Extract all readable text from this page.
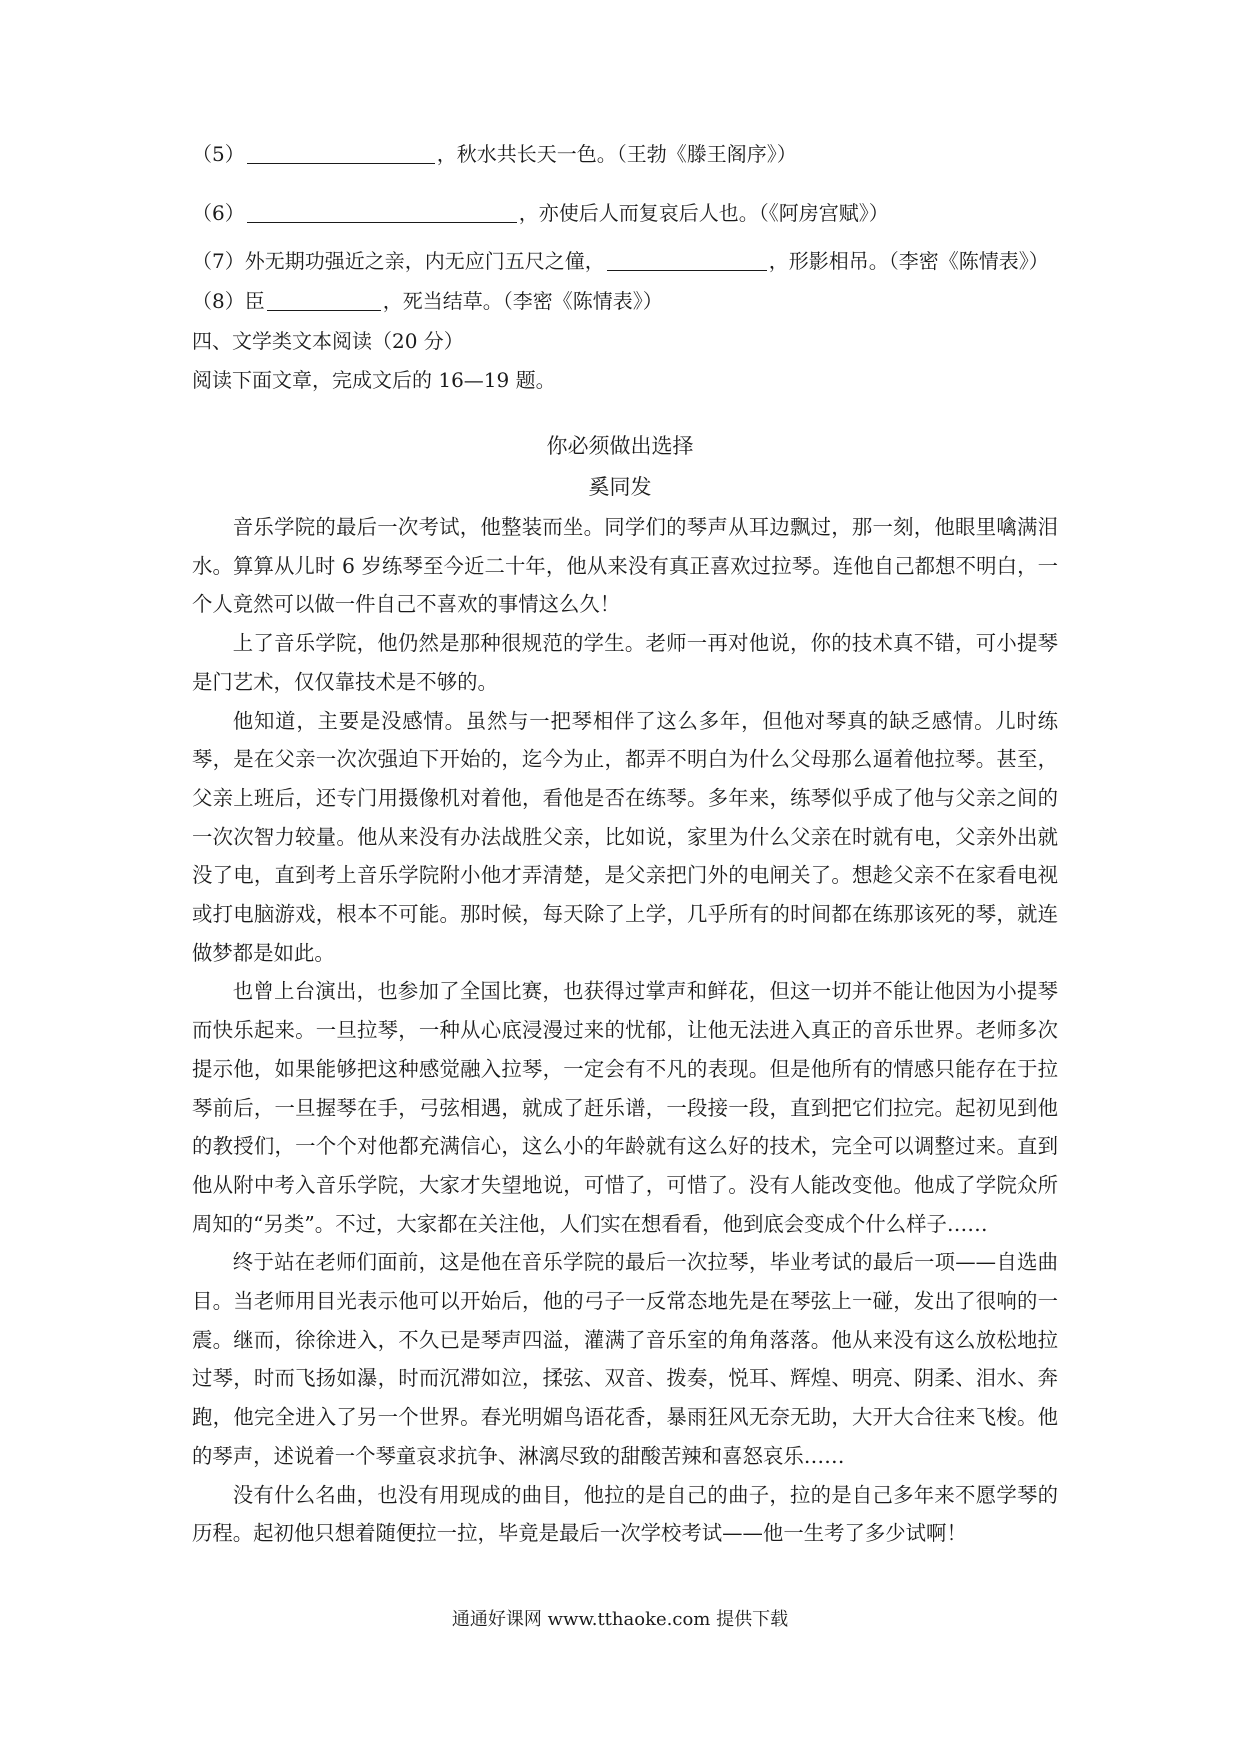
（5）	，秋水共长天一色。（王勃《滕王阁序》）
（6）	，亦使后人而复哀后人也。（《阿房宫赋》）
（7）外无期功强近之亲，内无应门五尺之僮，	，形影相吊。（李密《陈情表》）
（8）臣	，死当结草。（李密《陈情表》）
四、文学类文本阅读（20 分）
阅读下面文章，完成文后的 16—19 题。
你必须做出选择
奚同发

音乐学院的最后一次考试，他整装而坐。同学们的琴声从耳边飘过，那一刻，他眼里噙满泪水。算算从儿时 6 岁练琴至今近二十年，他从来没有真正喜欢过拉琴。连他自己都想不明白，一个人竟然可以做一件自己不喜欢的事情这么久！

上了音乐学院，他仍然是那种很规范的学生。老师一再对他说，你的技术真不错，可小提琴是门艺术，仅仅靠技术是不够的。

他知道，主要是没感情。虽然与一把琴相伴了这么多年，但他对琴真的缺乏感情。儿时练琴，是在父亲一次次强迫下开始的，迄今为止，都弄不明白为什么父母那么逼着他拉琴。甚至，父亲上班后，还专门用摄像机对着他，看他是否在练琴。多年来，练琴似乎成了他与父亲之间的一次次智力较量。他从来没有办法战胜父亲，比如说，家里为什么父亲在时就有电，父亲外出就没了电，直到考上音乐学院附小他才弄清楚，是父亲把门外的电闸关了。想趁父亲不在家看电视或打电脑游戏，根本不可能。那时候，每天除了上学，几乎所有的时间都在练那该死的琴，就连做梦都是如此。

也曾上台演出，也参加了全国比赛，也获得过掌声和鲜花，但这一切并不能让他因为小提琴而快乐起来。一旦拉琴，一种从心底浸漫过来的忧郁，让他无法进入真正的音乐世界。老师多次提示他，如果能够把这种感觉融入拉琴，一定会有不凡的表现。但是他所有的情感只能存在于拉琴前后，一旦握琴在手，弓弦相遇，就成了赶乐谱，一段接一段，直到把它们拉完。起初见到他的教授们，一个个对他都充满信心，这么小的年龄就有这么好的技术，完全可以调整过来。直到他从附中考入音乐学院，大家才失望地说，可惜了，可惜了。没有人能改变他。他成了学院众所周知的“另类”。不过，大家都在关注他，人们实在想看看，他到底会变成个什么样子……

终于站在老师们面前，这是他在音乐学院的最后一次拉琴，毕业考试的最后一项——自选曲目。当老师用目光表示他可以开始后，他的弓子一反常态地先是在琴弦上一碰，发出了很响的一震。继而，徐徐进入，不久已是琴声四溢，灌满了音乐室的角角落落。他从来没有这么放松地拉过琴，时而飞扬如瀑，时而沉滞如泣，揉弦、双音、拨奏，悦耳、辉煌、明亮、阴柔、泪水、奔跑，他完全进入了另一个世界。春光明媚鸟语花香，暴雨狂风无奈无助，大开大合往来飞梭。他的琴声，述说着一个琴童哀求抗争、淋漓尽致的甜酸苦辣和喜怒哀乐……

没有什么名曲，也没有用现成的曲目，他拉的是自己的曲子，拉的是自己多年来不愿学琴的历程。起初他只想着随便拉一拉，毕竟是最后一次学校考试——他一生考了多少试啊！

通通好课网 www.tthaoke.com 提供下载
